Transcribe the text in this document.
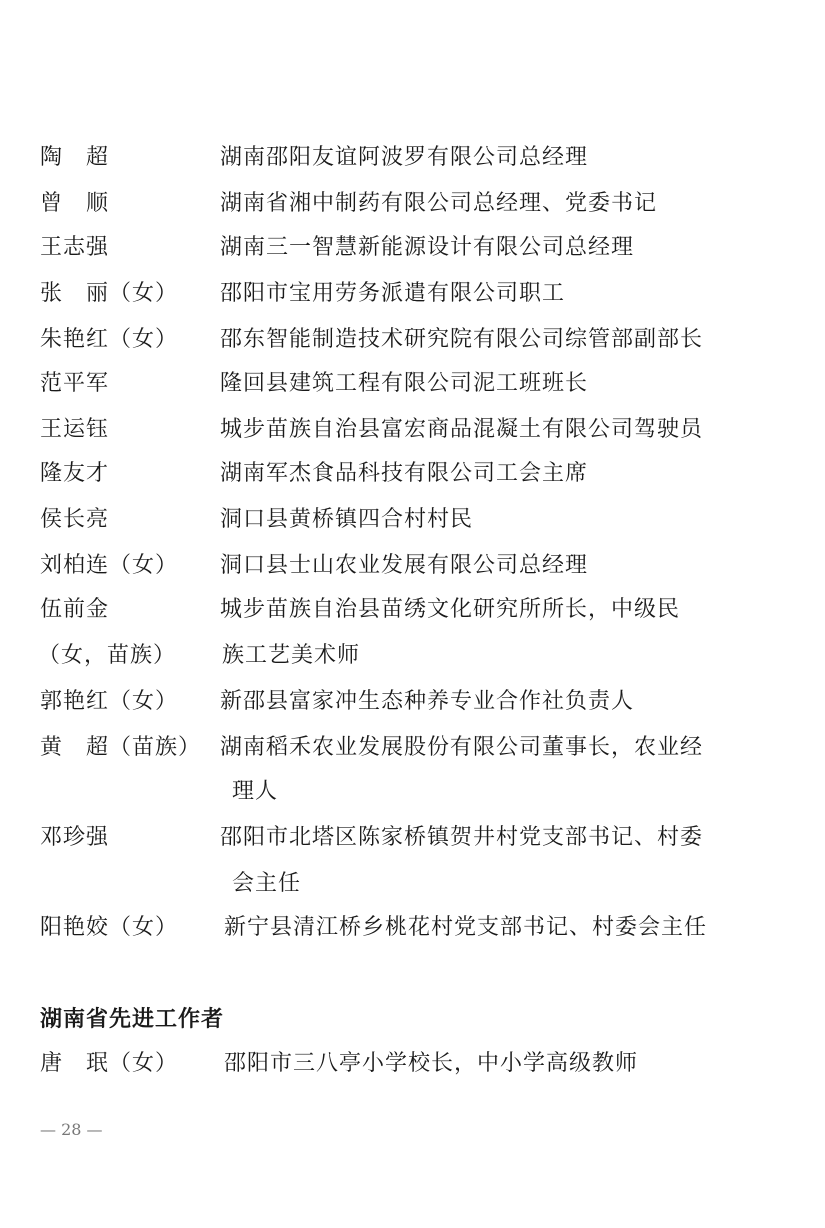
陶　超	湖南邵阳友谊阿波罗有限公司总经理
曾　顺	湖南省湘中制药有限公司总经理、党委书记
王志强	湖南三一智慧新能源设计有限公司总经理
张　丽（女） 邵阳市宝用劳务派遣有限公司职工
朱艳红（女） 邵东智能制造技术研究院有限公司综管部副部长
范平军	隆回县建筑工程有限公司泥工班班长
王运钰	城步苗族自治县富宏商品混凝土有限公司驾驶员
隆友才	湖南军杰食品科技有限公司工会主席
侯长亮	洞口县黄桥镇四合村村民
刘柏连（女） 洞口县士山农业发展有限公司总经理
伍前金	城步苗族自治县苗绣文化研究所所长，中级民
（女，苗族） 族工艺美术师
郭艳红（女） 新邵县富家冲生态种养专业合作社负责人
黄　超（苗族） 湖南稻禾农业发展股份有限公司董事长，农业经
理人
邓珍强	邵阳市北塔区陈家桥镇贺井村党支部书记、村委
会主任
阳艳姣（女） 新宁县清江桥乡桃花村党支部书记、村委会主任
湖南省先进工作者
唐　珉（女） 邵阳市三八亭小学校长，中小学高级教师
— 28 —
